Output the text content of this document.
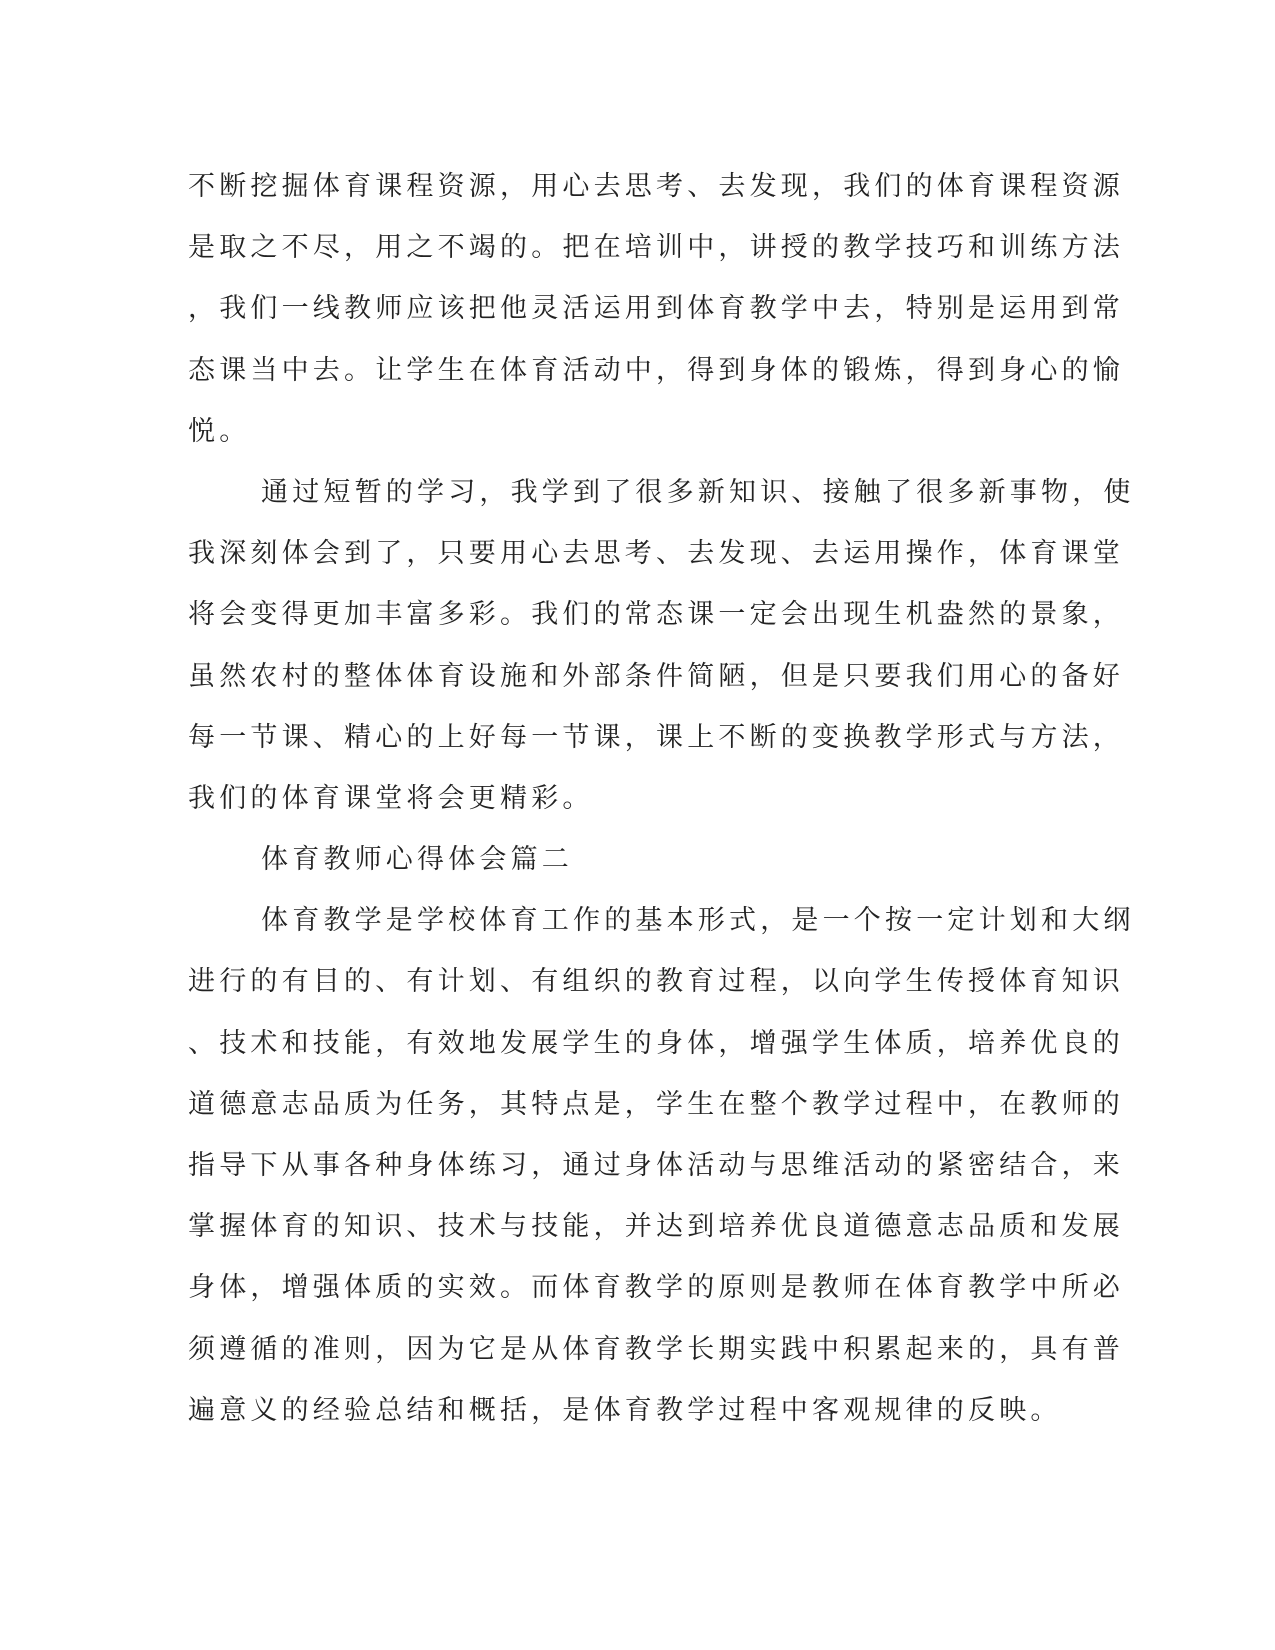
不断挖掘体育课程资源，用心去思考、去发现，我们的体育课程资源
是取之不尽，用之不竭的。把在培训中，讲授的教学技巧和训练方法
，我们一线教师应该把他灵活运用到体育教学中去，特别是运用到常
态课当中去。让学生在体育活动中，得到身体的锻炼，得到身心的愉
悦。
通过短暂的学习，我学到了很多新知识、接触了很多新事物，使
我深刻体会到了，只要用心去思考、去发现、去运用操作，体育课堂
将会变得更加丰富多彩。我们的常态课一定会出现生机盎然的景象，
虽然农村的整体体育设施和外部条件简陋，但是只要我们用心的备好
每一节课、精心的上好每一节课，课上不断的变换教学形式与方法，
我们的体育课堂将会更精彩。
体育教师心得体会篇二
体育教学是学校体育工作的基本形式，是一个按一定计划和大纲
进行的有目的、有计划、有组织的教育过程，以向学生传授体育知识
、技术和技能，有效地发展学生的身体，增强学生体质，培养优良的
道德意志品质为任务，其特点是，学生在整个教学过程中，在教师的
指导下从事各种身体练习，通过身体活动与思维活动的紧密结合，来
掌握体育的知识、技术与技能，并达到培养优良道德意志品质和发展
身体，增强体质的实效。而体育教学的原则是教师在体育教学中所必
须遵循的准则，因为它是从体育教学长期实践中积累起来的，具有普
遍意义的经验总结和概括，是体育教学过程中客观规律的反映。
